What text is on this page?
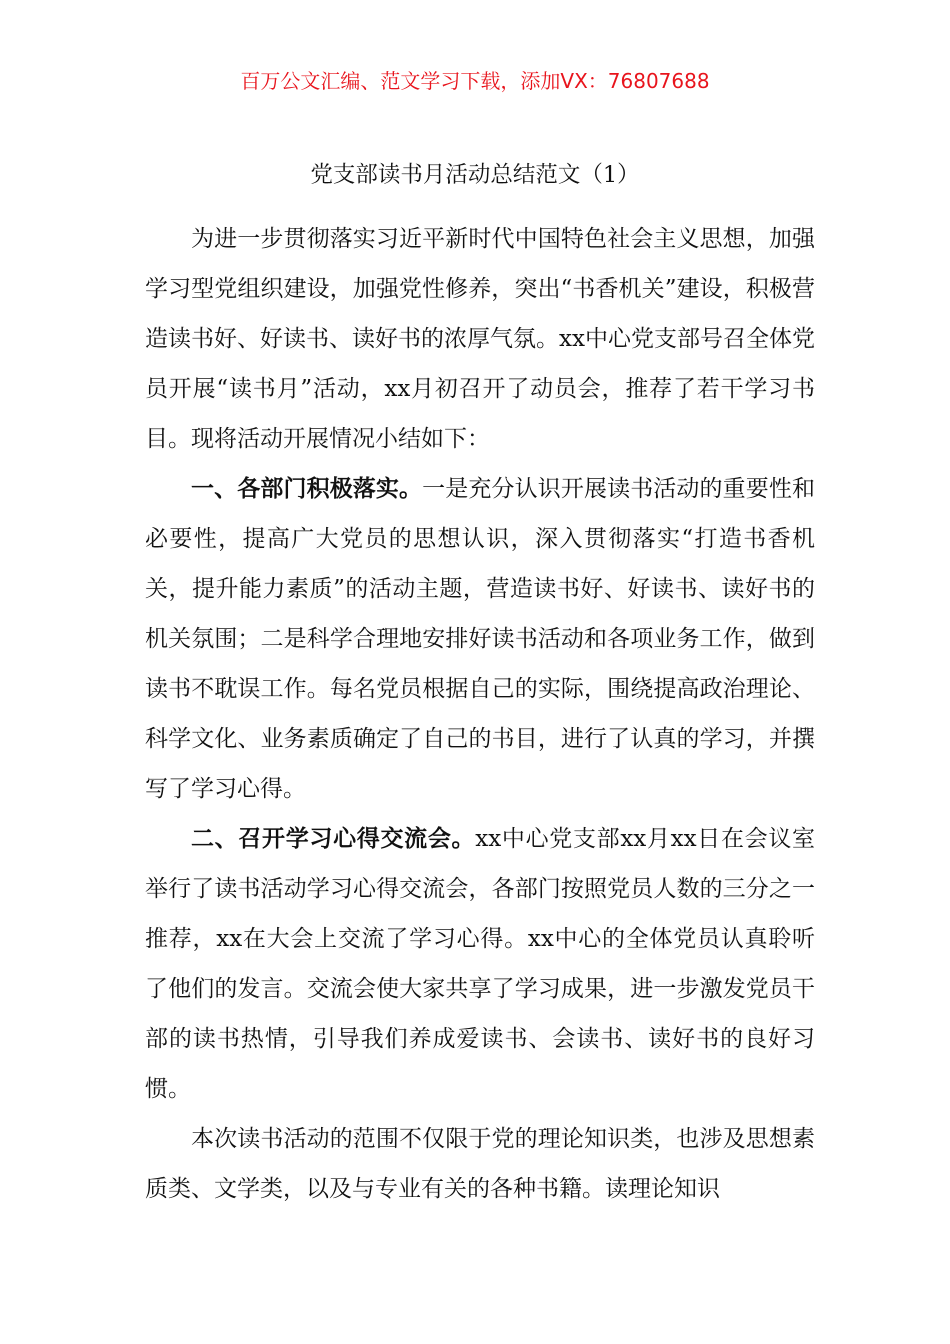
百万公文汇编、范文学习下载，添加VX：76807688
党支部读书月活动总结范文（1）

为进一步贯彻落实习近平新时代中国特色社会主义思想，加强学习型党组织建设，加强党性修养，突出“书香机关”建设，积极营造读书好、好读书、读好书的浓厚气氛。xx中心党支部号召全体党员开展“读书月”活动，xx月初召开了动员会，推荐了若干学习书目。现将活动开展情况小结如下：

一、各部门积极落实。一是充分认识开展读书活动的重要性和必要性，提高广大党员的思想认识，深入贯彻落实“打造书香机关，提升能力素质”的活动主题，营造读书好、好读书、读好书的机关氛围；二是科学合理地安排好读书活动和各项业务工作，做到读书不耽误工作。每名党员根据自己的实际，围绕提高政治理论、科学文化、业务素质确定了自己的书目，进行了认真的学习，并撰写了学习心得。

二、召开学习心得交流会。xx中心党支部xx月xx日在会议室举行了读书活动学习心得交流会，各部门按照党员人数的三分之一推荐，xx在大会上交流了学习心得。xx中心的全体党员认真聆听了他们的发言。交流会使大家共享了学习成果，进一步激发党员干部的读书热情，引导我们养成爱读书、会读书、读好书的良好习惯。

本次读书活动的范围不仅限于党的理论知识类，也涉及思想素质类、文学类，以及与专业有关的各种书籍。读理论知识
